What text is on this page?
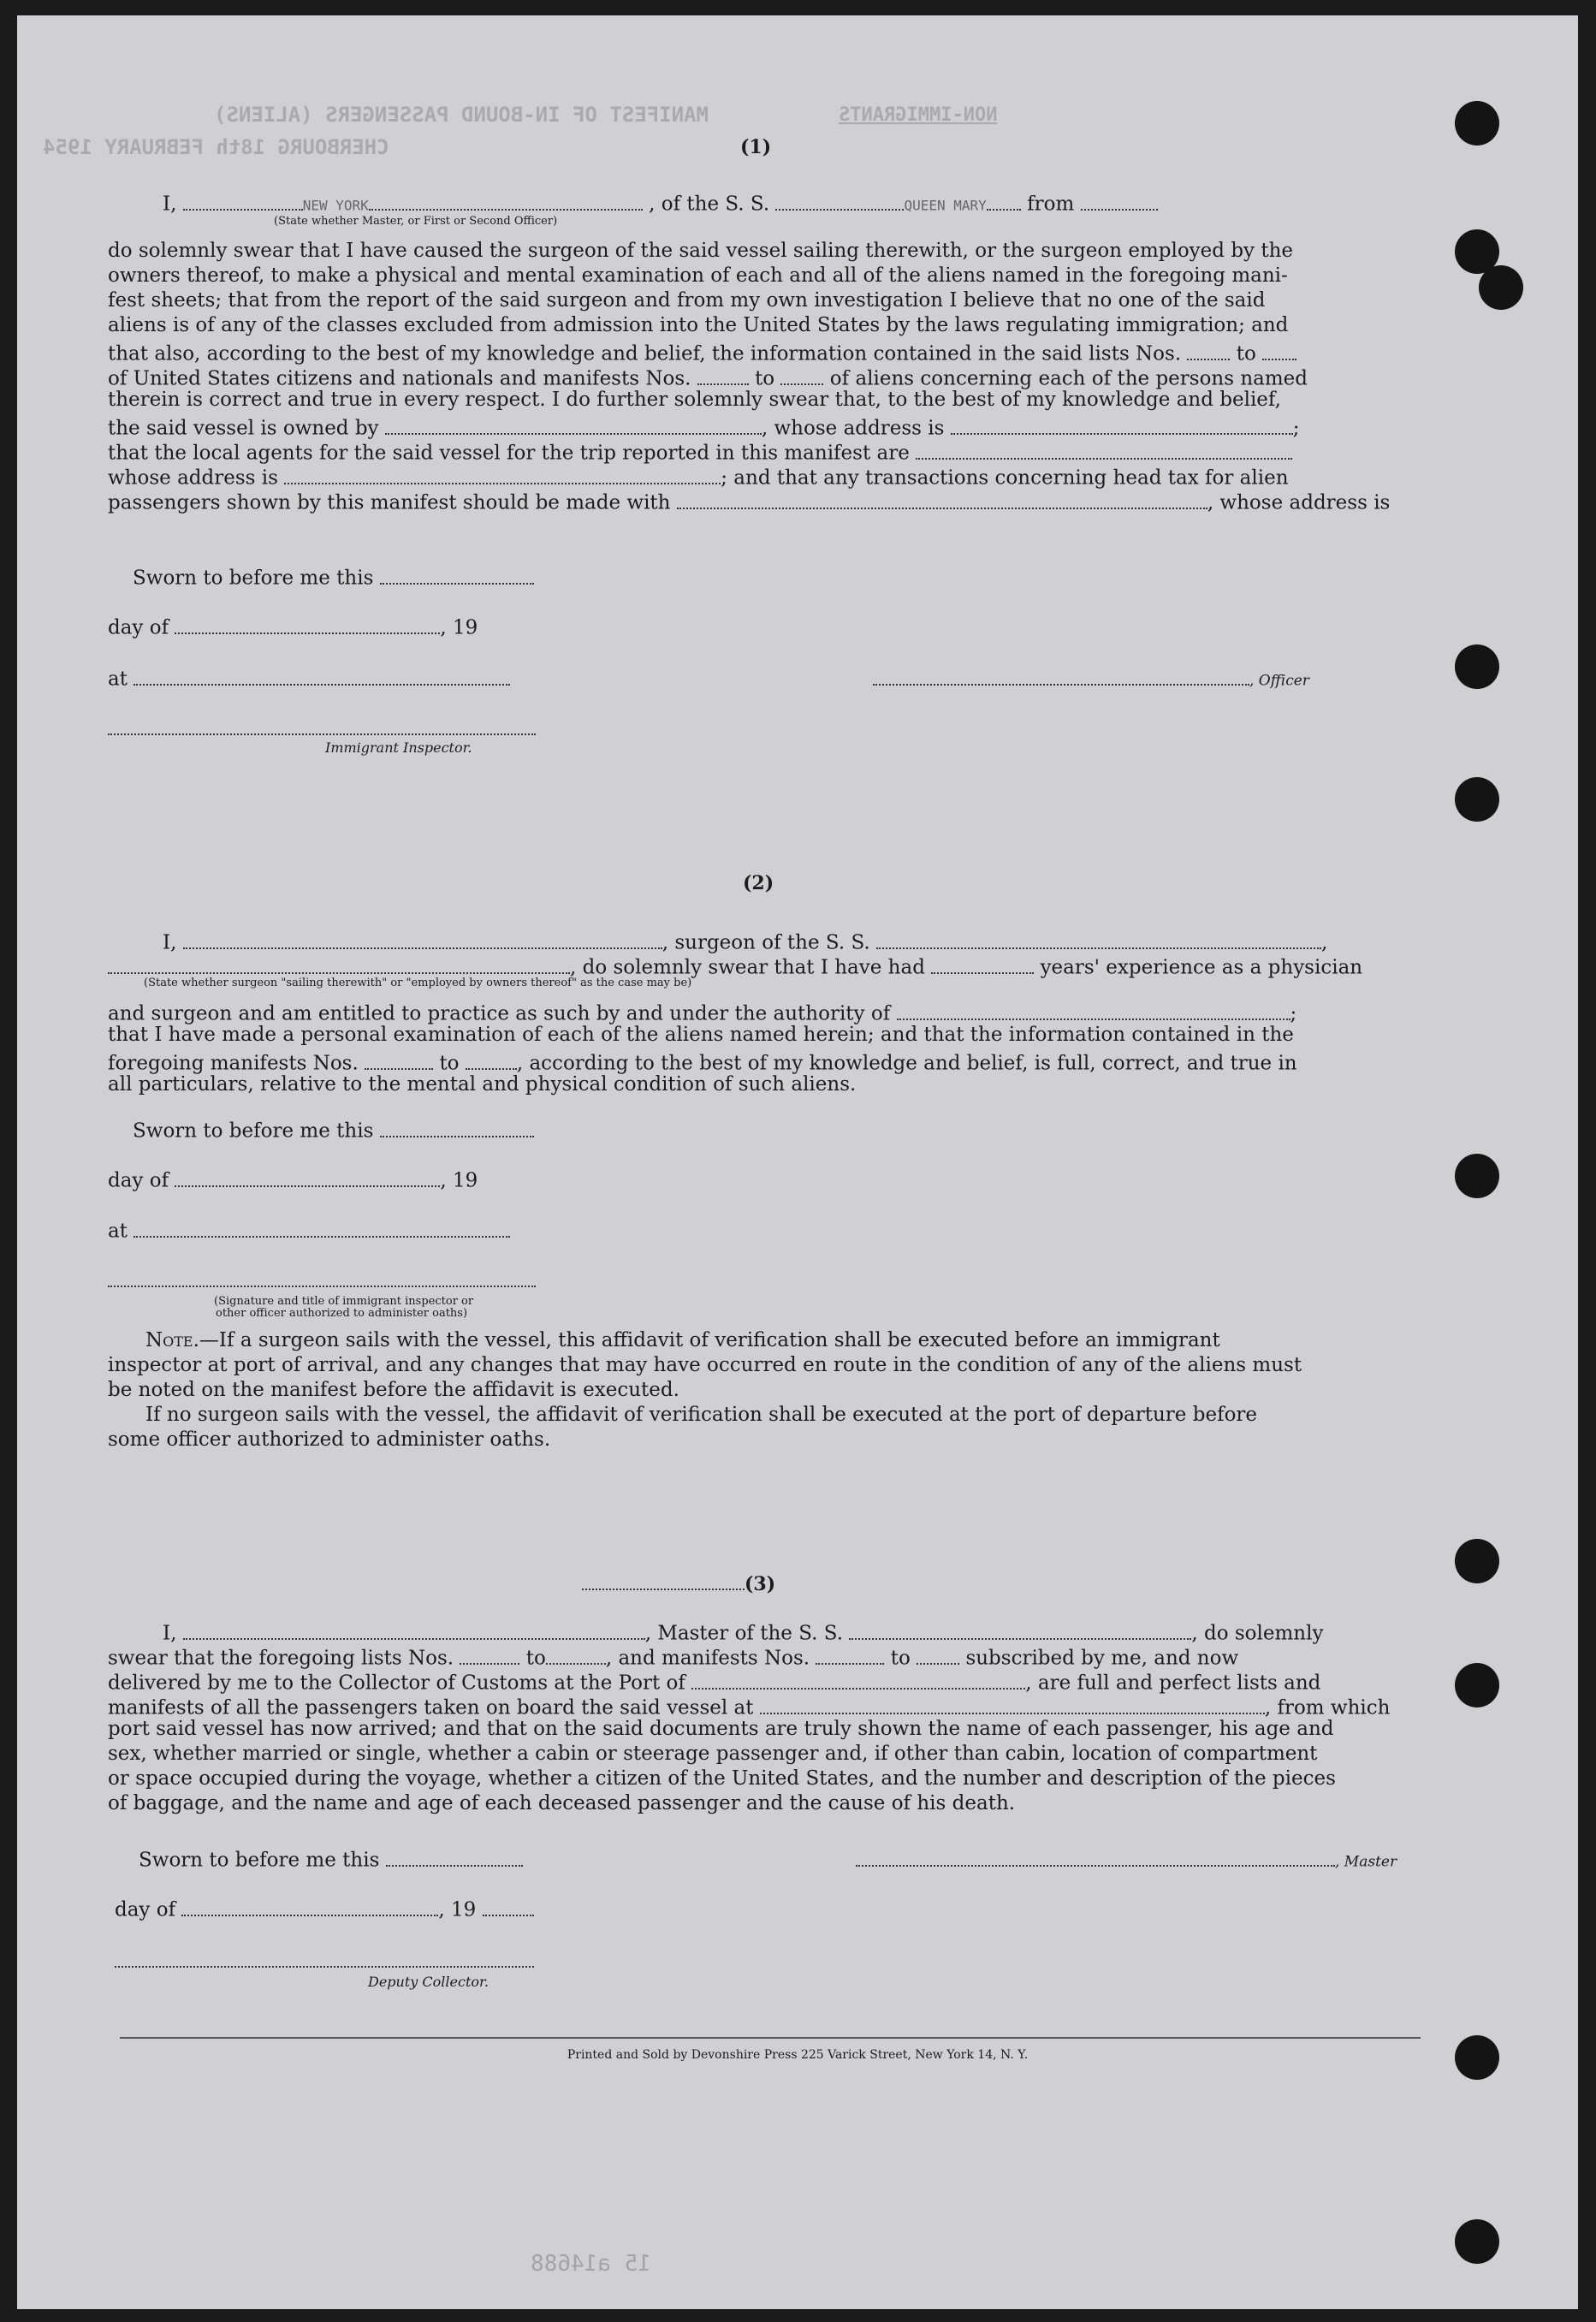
MANIFEST OF IN-BOUND PASSENGERS (ALIENS)	NON-IMMIGRANTS
CHERBOURG 18th FEBRUARY 1954	(1)
I,	NEW YORK	, of the S. S.	QUEEN MARY from
(State whether Master, or First or Second Officer)
do solemnly swear that I have caused the surgeon of the said vessel sailing therewith, or the surgeon employed by the
owners thereof, to make a physical and mental examination of each and all of the aliens named in the foregoing mani-
fest sheets; that from the report of the said surgeon and from my own investigation I believe that no one of the said
aliens is of any of the classes excluded from admission into the United States by the laws regulating immigration; and
that also, according to the best of my knowledge and belief, the information contained in the said lists Nos.	to
of United States citizens and nationals and manifests Nos.	to	of aliens concerning each of the persons named
therein is correct and true in every respect. I do further solemnly swear that, to the best of my knowledge and belief,
the said vessel is owned by	, whose address is	;
that the local agents for the said vessel for the trip reported in this manifest are
whose address is	; and that any transactions concerning head tax for alien
passengers shown by this manifest should be made with	, whose address is
Sworn to before me this
day of	, 19
at	, Officer
Immigrant Inspector.
(2)
I,	, surgeon of the S. S.	,
, do solemnly swear that I have had	years' experience as a physician
(State whether surgeon "sailing therewith" or "employed by owners thereof" as the case may be)
and surgeon and am entitled to practice as such by and under the authority of	;
that I have made a personal examination of each of the aliens named herein; and that the information contained in the
foregoing manifests Nos.	to	, according to the best of my knowledge and belief, is full, correct, and true in
all particulars, relative to the mental and physical condition of such aliens.
Sworn to before me this
day of	, 19
at
(Signature and title of immigrant inspector or
other officer authorized to administer oaths)
Note.—If a surgeon sails with the vessel, this affidavit of verification shall be executed before an immigrant
inspector at port of arrival, and any changes that may have occurred en route in the condition of any of the aliens must
be noted on the manifest before the affidavit is executed.
If no surgeon sails with the vessel, the affidavit of verification shall be executed at the port of departure before
some officer authorized to administer oaths.
(3)
I,	, Master of the S. S.	, do solemnly
swear that the foregoing lists Nos.	to	, and manifests Nos.	to	subscribed by me, and now
delivered by me to the Collector of Customs at the Port of	, are full and perfect lists and
manifests of all the passengers taken on board the said vessel at	, from which
port said vessel has now arrived; and that on the said documents are truly shown the name of each passenger, his age and
sex, whether married or single, whether a cabin or steerage passenger and, if other than cabin, location of compartment
or space occupied during the voyage, whether a citizen of the United States, and the number and description of the pieces
of baggage, and the name and age of each deceased passenger and the cause of his death.
Sworn to before me this	, Master
day of	, 19
Deputy Collector.
Printed and Sold by Devonshire Press 225 Varick Street, New York 14, N. Y.
15 a14688
